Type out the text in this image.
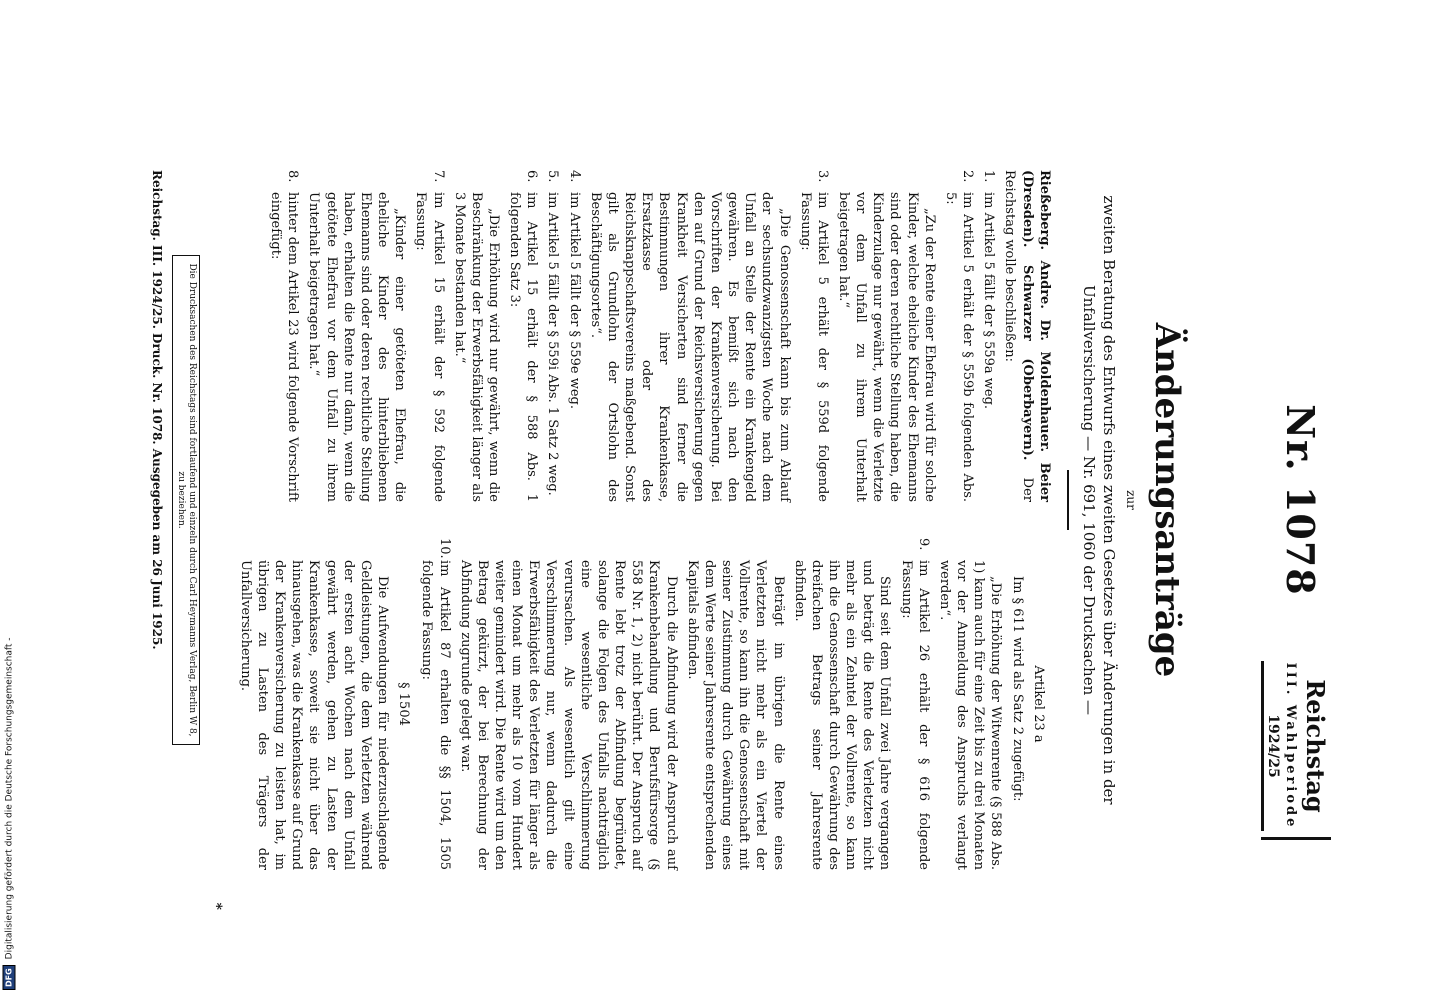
DFG
Digitalisierung gefördert durch die Deutsche Forschungsgemeinschaft -
Nr. 1078
Reichstag
III. Wahlperiode
1924/25
Änderungsanträge
zur
zweiten Beratung des Entwurfs eines zweiten Gesetzes über Änderungen in der Unfallversicherung — Nr. 691, 1060 der Drucksachen —

Rießeberg. Andre. Dr. Moldenhauer. Beier (Dresden). Schwarzer (Oberbayern). Der Reichstag wolle beschließen:

1.
im Artikel 5 fällt der § 559a weg.
2.
im Artikel 5 erhält der § 559b folgenden Abs. 5:
„Zu der Rente einer Ehefrau wird für solche Kinder, welche eheliche Kinder des Ehemanns sind oder deren rechtliche Stellung haben, die Kinderzulage nur gewährt, wenn die Verletzte vor dem Unfall zu ihrem Unterhalt beigetragen hat.“
3.
im Artikel 5 erhält der § 559d folgende Fassung:
„Die Genossenschaft kann bis zum Ablauf der sechsundzwanzigsten Woche nach dem Unfall an Stelle der Rente ein Krankengeld gewähren. Es bemißt sich nach den Vorschriften der Krankenversicherung. Bei den auf Grund der Reichsversicherung gegen Krankheit Versicherten sind ferner die Bestimmungen ihrer Krankenkasse, Ersatzkasse oder des Reichsknappschaftsvereins maßgebend. Sonst gilt als Grundlohn der Ortslohn des Beschäftigungsortes“.
4.
im Artikel 5 fällt der § 559e weg.
5.
im Artikel 5 fällt der § 559i Abs. 1 Satz 2 weg.
6.
im Artikel 15 erhält der § 588 Abs. 1 folgenden Satz 3:
„Die Erhöhung wird nur gewährt, wenn die Beschränkung der Erwerbsfähigkeit länger als 3 Monate bestanden hat.“
7.
im Artikel 15 erhält der § 592 folgende Fassung:
„Kinder einer getöteten Ehefrau, die eheliche Kinder des hinterbliebenen Ehemanns sind oder deren rechtliche Stellung haben, erhalten die Rente nur dann, wenn die getötete Ehefrau vor dem Unfall zu ihrem Unterhalt beigetragen hat.“
8.
hinter dem Artikel 23 wird folgende Vorschrift eingefügt:
Artikel 23 a
Im § 611 wird als Satz 2 zugefügt:
„Die Erhöhung der Witwenrente (§ 588 Abs. 1) kann auch für eine Zeit bis zu drei Monaten vor der Anmeldung des Anspruchs verlangt werden“.
9.
im Artikel 26 erhält der § 616 folgende Fassung:
Sind seit dem Unfall zwei Jahre vergangen und beträgt die Rente des Verletzten nicht mehr als ein Zehntel der Vollrente, so kann ihn die Genossenschaft durch Gewährung des dreifachen Betrags seiner Jahresrente abfinden.
Beträgt im übrigen die Rente eines Verletzten nicht mehr als ein Viertel der Vollrente, so kann ihn die Genossenschaft mit seiner Zustimmung durch Gewährung eines dem Werte seiner Jahresrente entsprechenden Kapitals abfinden.
Durch die Abfindung wird der Anspruch auf Krankenbehandlung und Berufsfürsorge (§ 558 Nr. 1, 2) nicht berührt. Der Anspruch auf Rente lebt trotz der Abfindung begründet, solange die Folgen des Unfalls nachträglich eine wesentliche Verschlimmerung verursachen. Als wesentlich gilt eine Verschlimmerung nur, wenn dadurch die Erwerbsfähigkeit des Verletzten für länger als einen Monat um mehr als 10 vom Hundert weiter gemindert wird. Die Rente wird um den Betrag gekürzt, der bei Berechnung der Abfindung zugrunde gelegt war.
10.
im Artikel 87 erhalten die §§ 1504, 1505 folgende Fassung:
§ 1504
Die Aufwendungen für niederzuschlagende Geldleistungen, die dem Verletzten während der ersten acht Wochen nach dem Unfall gewährt werden, gehen zu Lasten der Krankenkasse, soweit sie nicht über das hinausgehen, was die Krankenkasse auf Grund der Krankenversicherung zu leisten hat, im übrigen zu Lasten des Trägers der Unfallversicherung.
*
Die Drucksachen des Reichstags sind fortlaufend und einzeln durch Carl Heymanns Verlag, Berlin W 8, zu beziehen.
Reichstag. III. 1924/25. Druck. Nr. 1078. Ausgegeben am 26 Juni 1925.
